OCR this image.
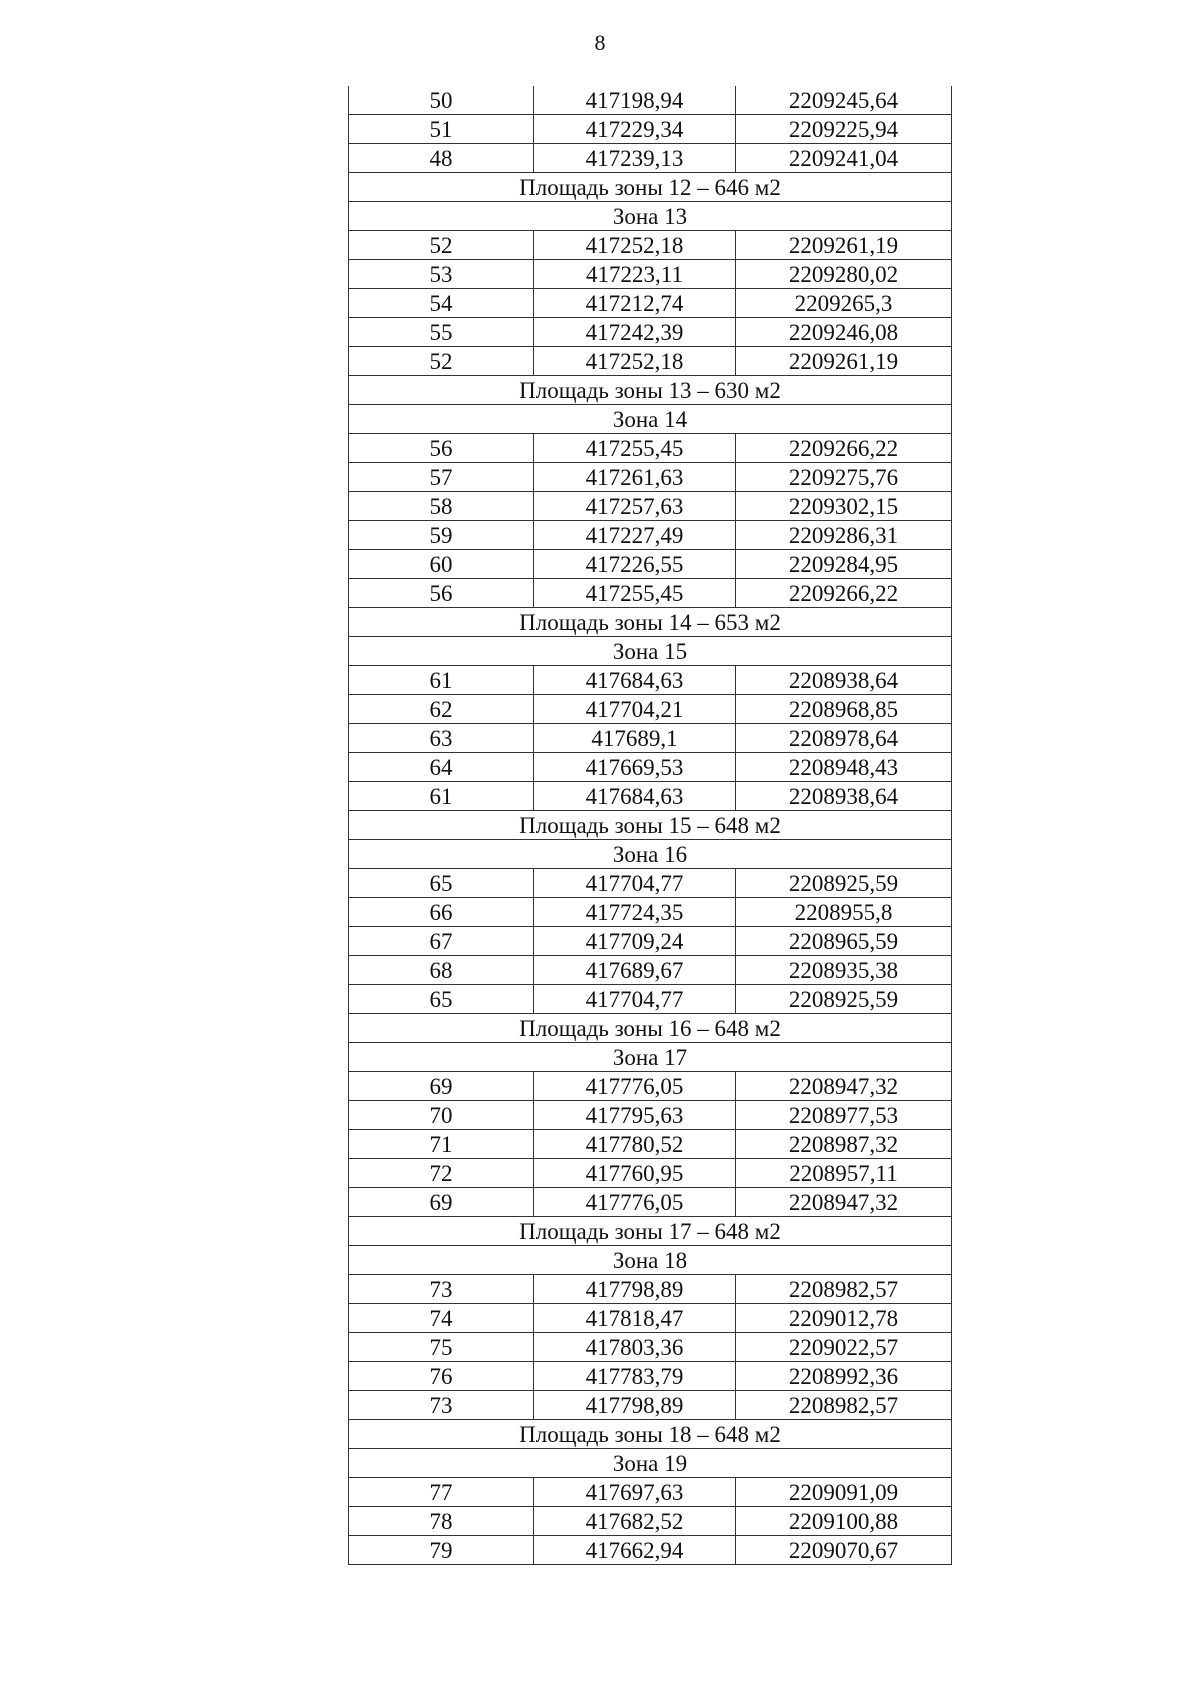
8
50	417198,94	2209245,64
51	417229,34	2209225,94
48	417239,13	2209241,04
Площадь зоны 12 – 646 м2		
Зона 13		
52	417252,18	2209261,19
53	417223,11	2209280,02
54	417212,74	2209265,3
55	417242,39	2209246,08
52	417252,18	2209261,19
Площадь зоны 13 – 630 м2		
Зона 14		
56	417255,45	2209266,22
57	417261,63	2209275,76
58	417257,63	2209302,15
59	417227,49	2209286,31
60	417226,55	2209284,95
56	417255,45	2209266,22
Площадь зоны 14 – 653 м2		
Зона 15		
61	417684,63	2208938,64
62	417704,21	2208968,85
63	417689,1	2208978,64
64	417669,53	2208948,43
61	417684,63	2208938,64
Площадь зоны 15 – 648 м2		
Зона 16		
65	417704,77	2208925,59
66	417724,35	2208955,8
67	417709,24	2208965,59
68	417689,67	2208935,38
65	417704,77	2208925,59
Площадь зоны 16 – 648 м2		
Зона 17		
69	417776,05	2208947,32
70	417795,63	2208977,53
71	417780,52	2208987,32
72	417760,95	2208957,11
69	417776,05	2208947,32
Площадь зоны 17 – 648 м2		
Зона 18		
73	417798,89	2208982,57
74	417818,47	2209012,78
75	417803,36	2209022,57
76	417783,79	2208992,36
73	417798,89	2208982,57
Площадь зоны 18 – 648 м2		
Зона 19		
77	417697,63	2209091,09
78	417682,52	2209100,88
79	417662,94	2209070,67
